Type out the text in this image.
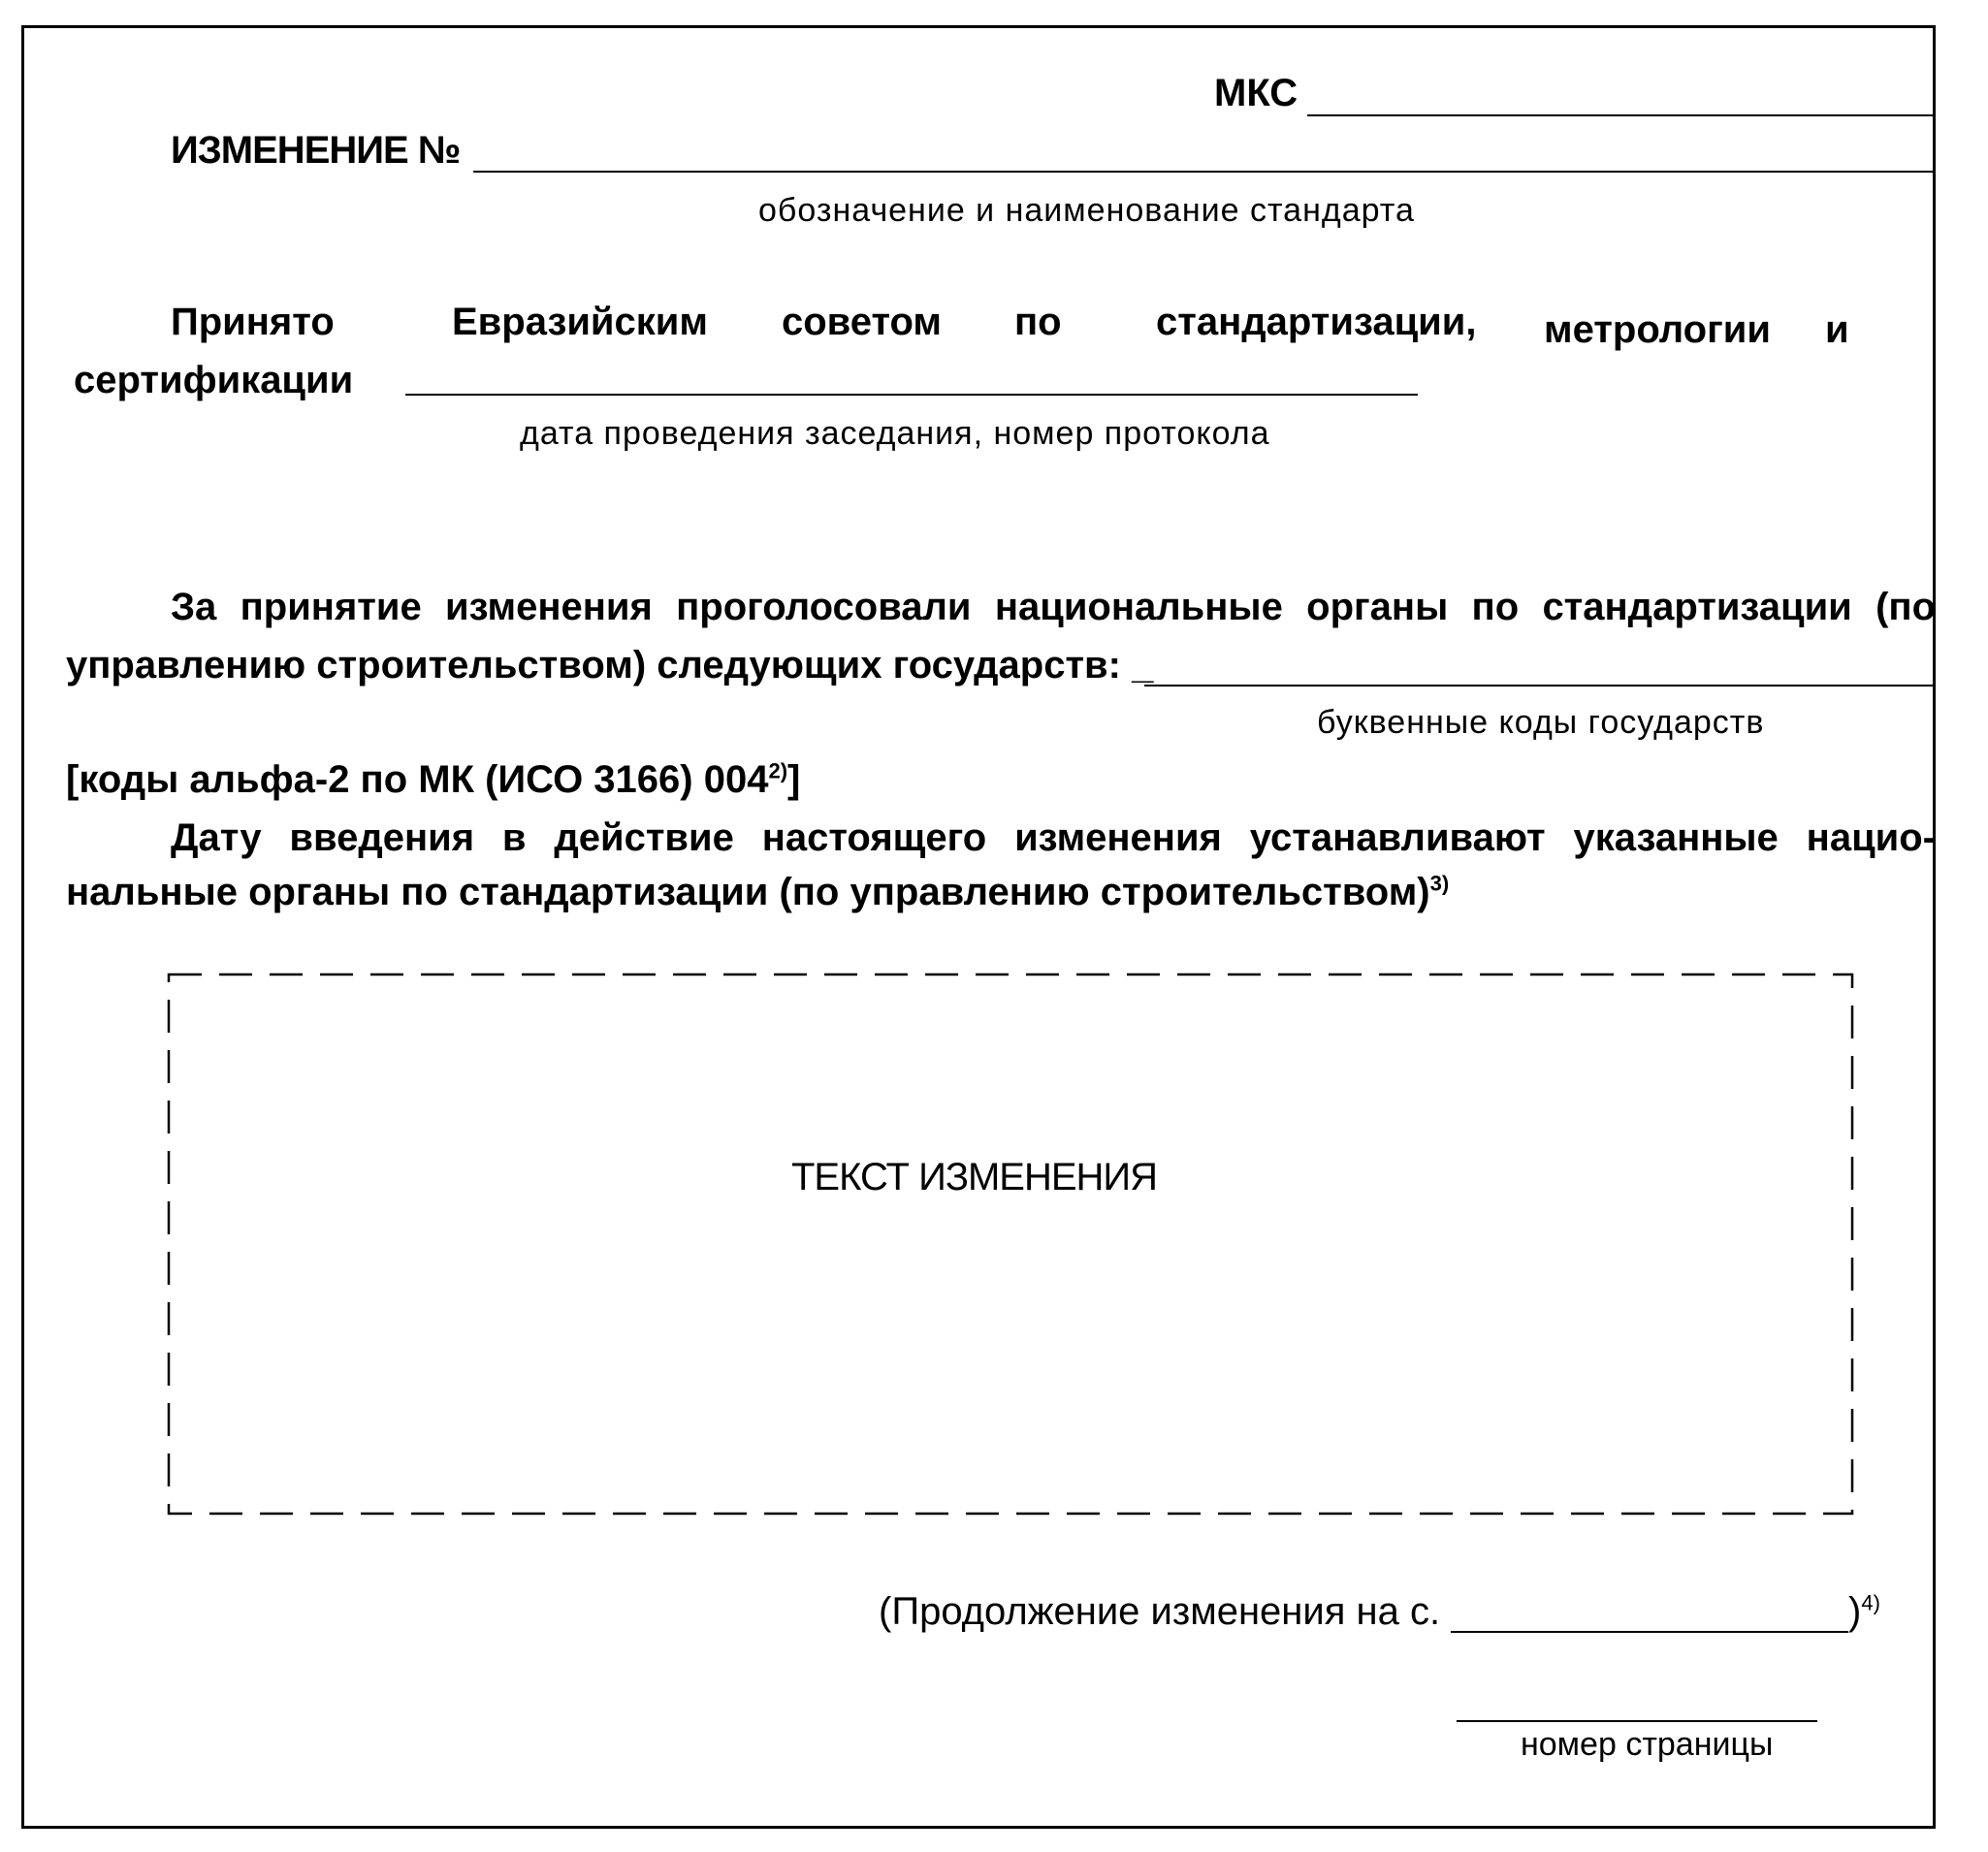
МКС
ИЗМЕНЕНИЕ №
обозначение и наименование стандарта
Принято	Евразийским советом по стандартизации, метрологии и
сертификации
дата проведения заседания, номер протокола
За принятие изменения проголосовали национальные органы по стандартизации (по
управлению строительством) следующих государств: _
буквенные коды государств
[коды альфа-2 по МК (ИСО 3166) 004$^{2)}$]
Дату введения в действие настоящего изменения устанавливают указанные нацио-
нальные органы по стандартизации (по управлению строительством)$^{3)}$
ТЕКСТ ИЗМЕНЕНИЯ
(Продолжение изменения на с.	)$^{4)}$
номер страницы
